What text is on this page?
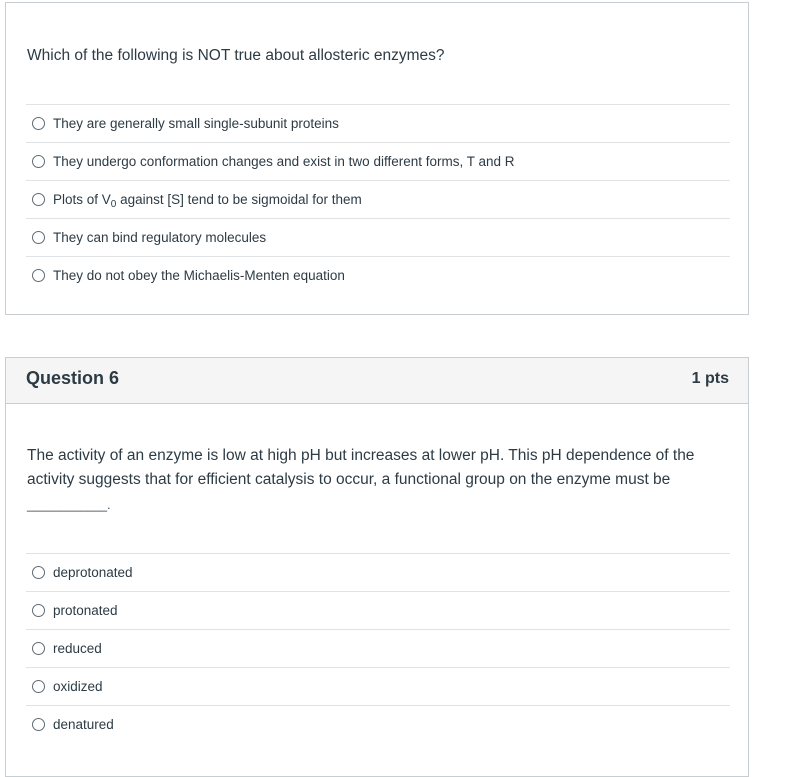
Which of the following is NOT true about allosteric enzymes?
They are generally small single-subunit proteins
They undergo conformation changes and exist in two different forms, T and R
Plots of $V_0$ against [S] tend to be sigmoidal for them
They can bind regulatory molecules
They do not obey the Michaelis-Menten equation
Question 6	1 pts
The activity of an enzyme is low at high pH but increases at lower pH. This pH dependence of the activity suggests that for efficient catalysis to occur, a functional group on the enzyme must be
____________.
deprotonated
protonated
reduced
oxidized
denatured
